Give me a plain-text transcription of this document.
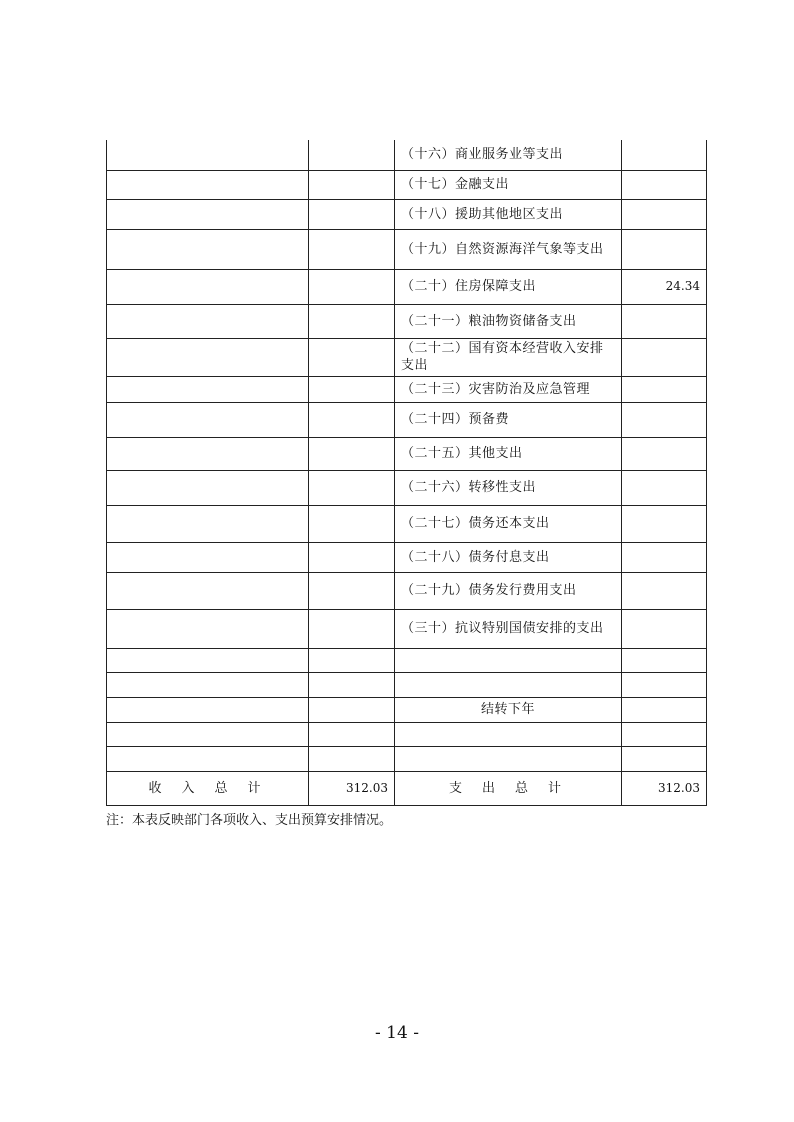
		（十六）商业服务业等支出	
		（十七）金融支出	
		（十八）援助其他地区支出	
		（十九）自然资源海洋气象等支出	
		（二十）住房保障支出	24.34
		（二十一）粮油物资储备支出	
		（二十二）国有资本经营收入安排支出	
		（二十三）灾害防治及应急管理	
		（二十四）预备费	
		（二十五）其他支出	
		（二十六）转移性支出	
		（二十七）债务还本支出	
		（二十八）债务付息支出	
		（二十九）债务发行费用支出	
		（三十）抗议特别国债安排的支出	

		结转下年	

收入总计	312.03	支出总计	312.03
注：本表反映部门各项收入、支出预算安排情况。
- 14 -
